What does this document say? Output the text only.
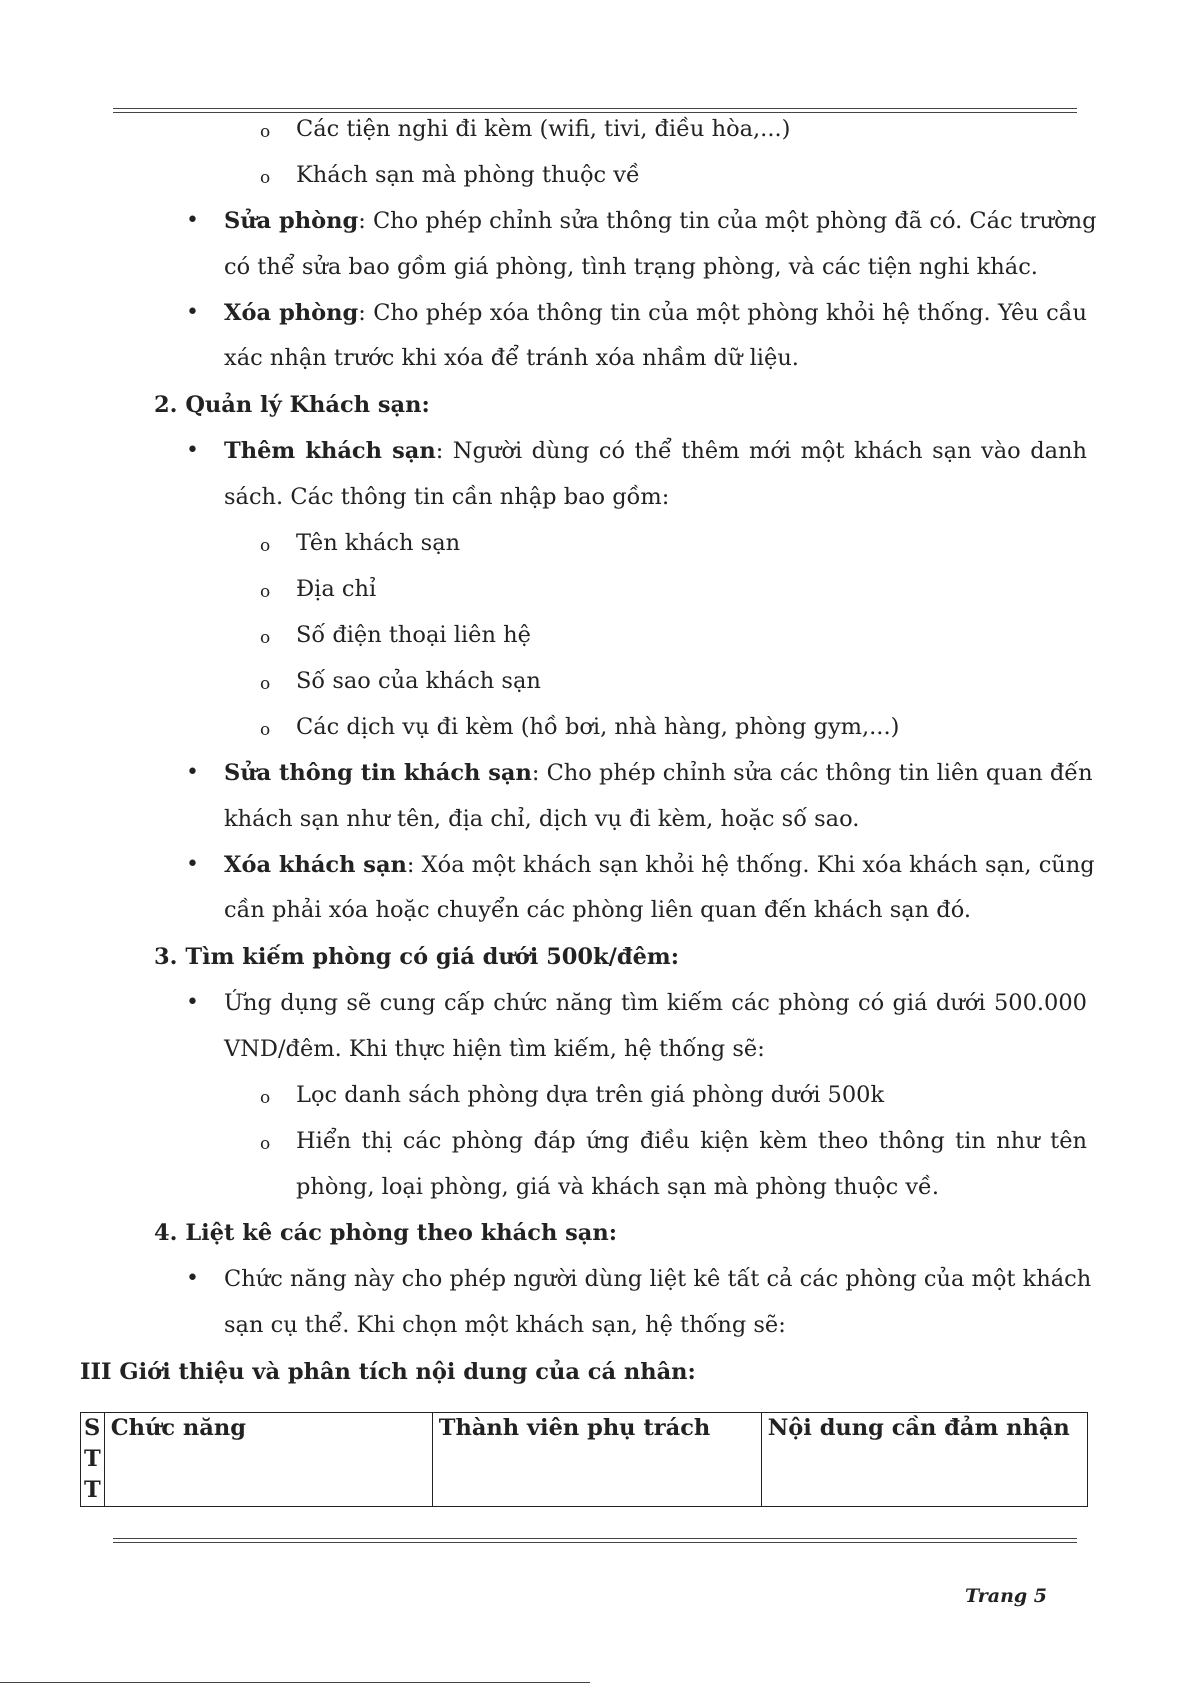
o Các tiện nghi đi kèm (wifi, tivi, điều hòa,...)
o Khách sạn mà phòng thuộc về
• Sửa phòng: Cho phép chỉnh sửa thông tin của một phòng đã có. Các trường
có thể sửa bao gồm giá phòng, tình trạng phòng, và các tiện nghi khác.
• Xóa phòng: Cho phép xóa thông tin của một phòng khỏi hệ thống. Yêu cầu
xác nhận trước khi xóa để tránh xóa nhầm dữ liệu.
2. Quản lý Khách sạn:
• Thêm khách sạn: Người dùng có thể thêm mới một khách sạn vào danh
sách. Các thông tin cần nhập bao gồm:
o Tên khách sạn
o Địa chỉ
o Số điện thoại liên hệ
o Số sao của khách sạn
o Các dịch vụ đi kèm (hồ bơi, nhà hàng, phòng gym,...)
• Sửa thông tin khách sạn: Cho phép chỉnh sửa các thông tin liên quan đến
khách sạn như tên, địa chỉ, dịch vụ đi kèm, hoặc số sao.
• Xóa khách sạn: Xóa một khách sạn khỏi hệ thống. Khi xóa khách sạn, cũng
cần phải xóa hoặc chuyển các phòng liên quan đến khách sạn đó.
3. Tìm kiếm phòng có giá dưới 500k/đêm:
• Ứng dụng sẽ cung cấp chức năng tìm kiếm các phòng có giá dưới 500.000
VND/đêm. Khi thực hiện tìm kiếm, hệ thống sẽ:
o Lọc danh sách phòng dựa trên giá phòng dưới 500k
o Hiển thị các phòng đáp ứng điều kiện kèm theo thông tin như tên
phòng, loại phòng, giá và khách sạn mà phòng thuộc về.
4. Liệt kê các phòng theo khách sạn:
• Chức năng này cho phép người dùng liệt kê tất cả các phòng của một khách
sạn cụ thể. Khi chọn một khách sạn, hệ thống sẽ:
III Giới thiệu và phân tích nội dung của cá nhân:
STT	Chức năng	Thành viên phụ trách	Nội dung cần đảm nhận
Trang 5
